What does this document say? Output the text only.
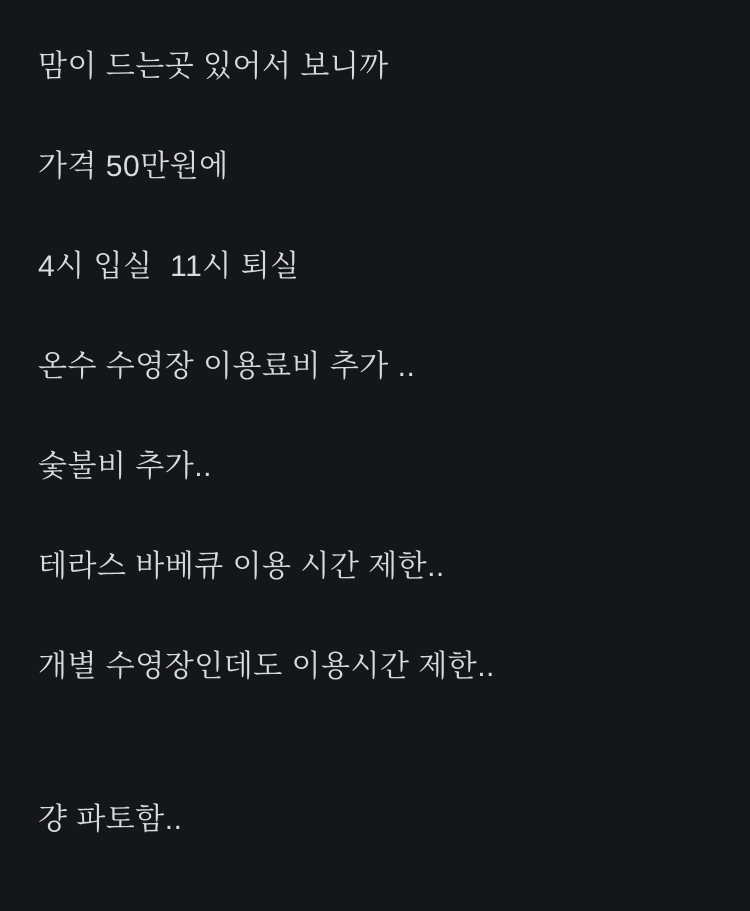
맘이 드는곳 있어서 보니까

가격 50만원에

4시 입실  11시 퇴실

온수 수영장 이용료비 추가 ..

숯불비 추가..

테라스 바베큐 이용 시간 제한..

개별 수영장인데도 이용시간 제한..

걍 파토함..
